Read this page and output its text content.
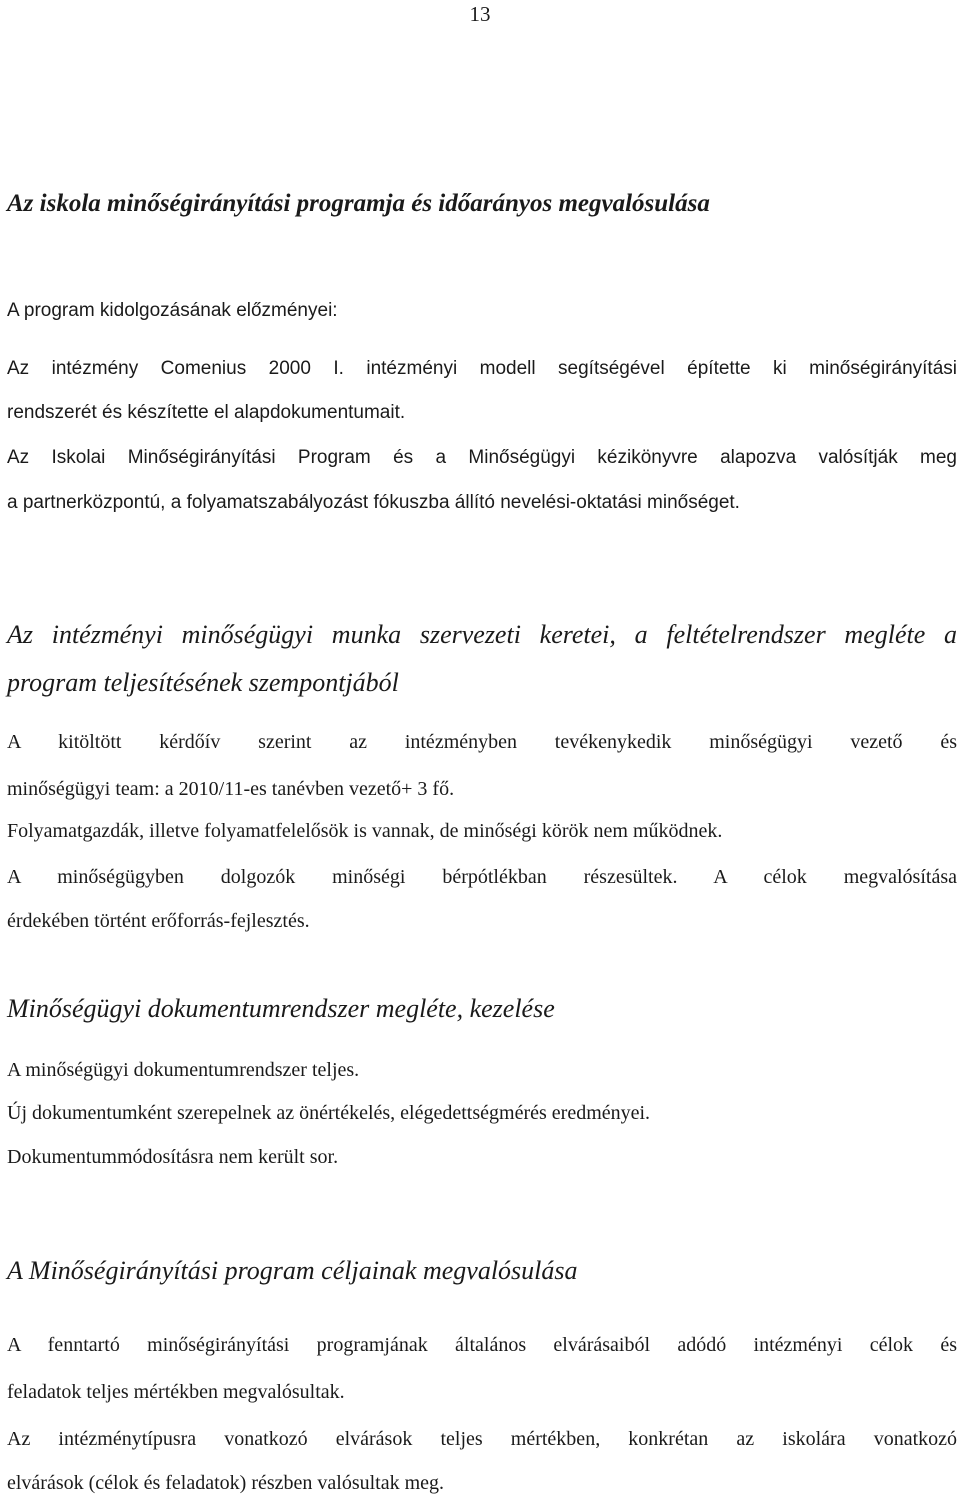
13
Az iskola minőségirányítási programja és időarányos megvalósulása
A program kidolgozásának előzményei:
Az intézmény Comenius 2000 I. intézményi modell segítségével építette ki minőségirányítási
rendszerét és készítette el alapdokumentumait.
Az Iskolai Minőségirányítási Program és a Minőségügyi kézikönyvre alapozva valósítják meg
a partnerközpontú, a folyamatszabályozást fókuszba állító nevelési-oktatási minőséget.
Az intézményi minőségügyi munka szervezeti keretei, a feltételrendszer megléte a
program teljesítésének szempontjából
A kitöltött kérdőív szerint az intézményben tevékenykedik minőségügyi vezető és
minőségügyi team: a 2010/11-es tanévben vezető+ 3 fő.
Folyamatgazdák, illetve folyamatfelelősök is vannak, de minőségi körök nem működnek.
A minőségügyben dolgozók minőségi bérpótlékban részesültek. A célok megvalósítása
érdekében történt erőforrás-fejlesztés.
Minőségügyi dokumentumrendszer megléte, kezelése
A minőségügyi dokumentumrendszer teljes.
Új dokumentumként szerepelnek az önértékelés, elégedettségmérés eredményei.
Dokumentummódosításra nem került sor.
A Minőségirányítási program céljainak megvalósulása
A fenntartó minőségirányítási programjának általános elvárásaiból adódó intézményi célok és
feladatok teljes mértékben megvalósultak.
Az intézménytípusra vonatkozó elvárások teljes mértékben, konkrétan az iskolára vonatkozó
elvárások (célok és feladatok) részben valósultak meg.
